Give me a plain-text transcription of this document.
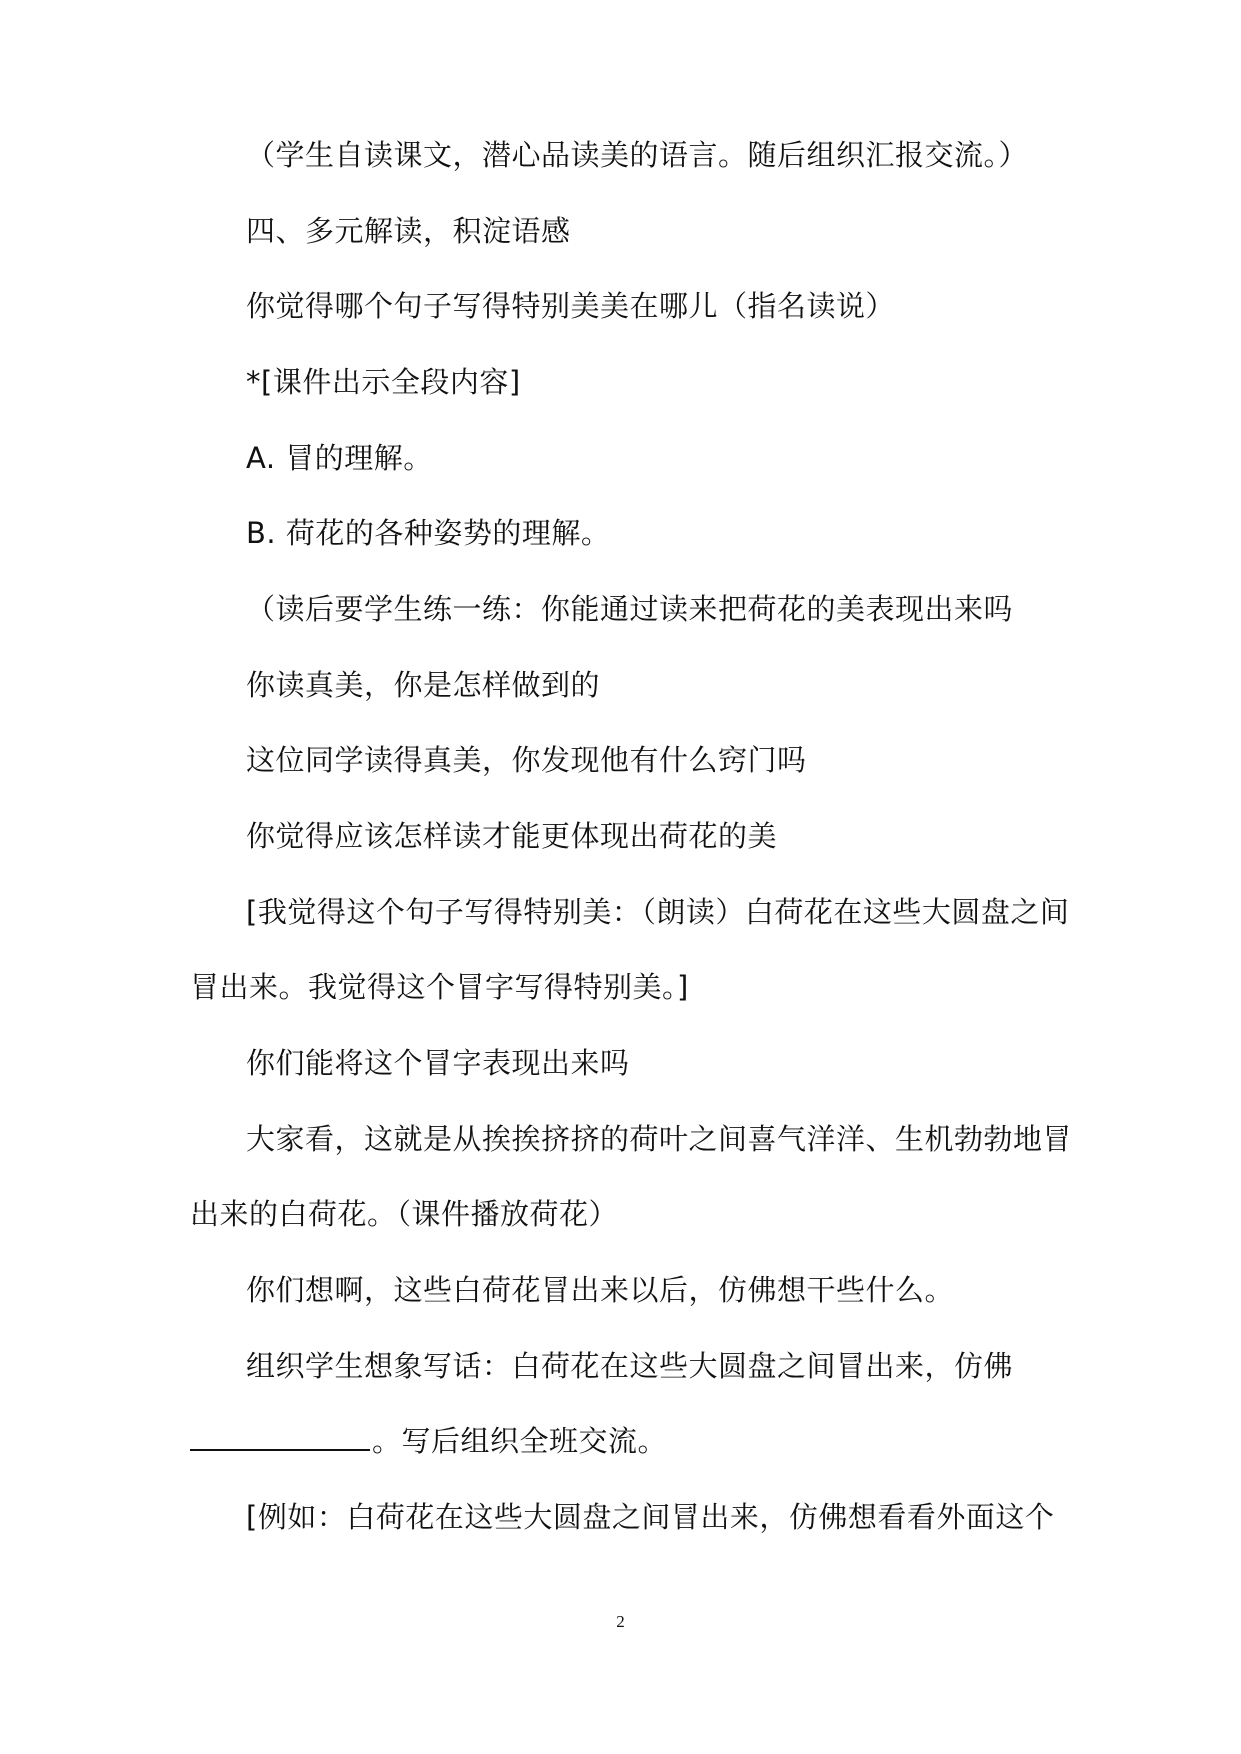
（学生自读课文，潜心品读美的语言。随后组织汇报交流。）

四、多元解读，积淀语感

你觉得哪个句子写得特别美美在哪儿（指名读说）

*[课件出示全段内容]

A. 冒的理解。

B. 荷花的各种姿势的理解。

（读后要学生练一练：你能通过读来把荷花的美表现出来吗

你读真美，你是怎样做到的

这位同学读得真美，你发现他有什么窍门吗

你觉得应该怎样读才能更体现出荷花的美

[我觉得这个句子写得特别美：（朗读）白荷花在这些大圆盘之间

冒出来。我觉得这个冒字写得特别美。]

你们能将这个冒字表现出来吗

大家看，这就是从挨挨挤挤的荷叶之间喜气洋洋、生机勃勃地冒

出来的白荷花。（课件播放荷花）

你们想啊，这些白荷花冒出来以后，仿佛想干些什么。

组织学生想象写话：白荷花在这些大圆盘之间冒出来，仿佛

。写后组织全班交流。

[例如：白荷花在这些大圆盘之间冒出来，仿佛想看看外面这个

2
